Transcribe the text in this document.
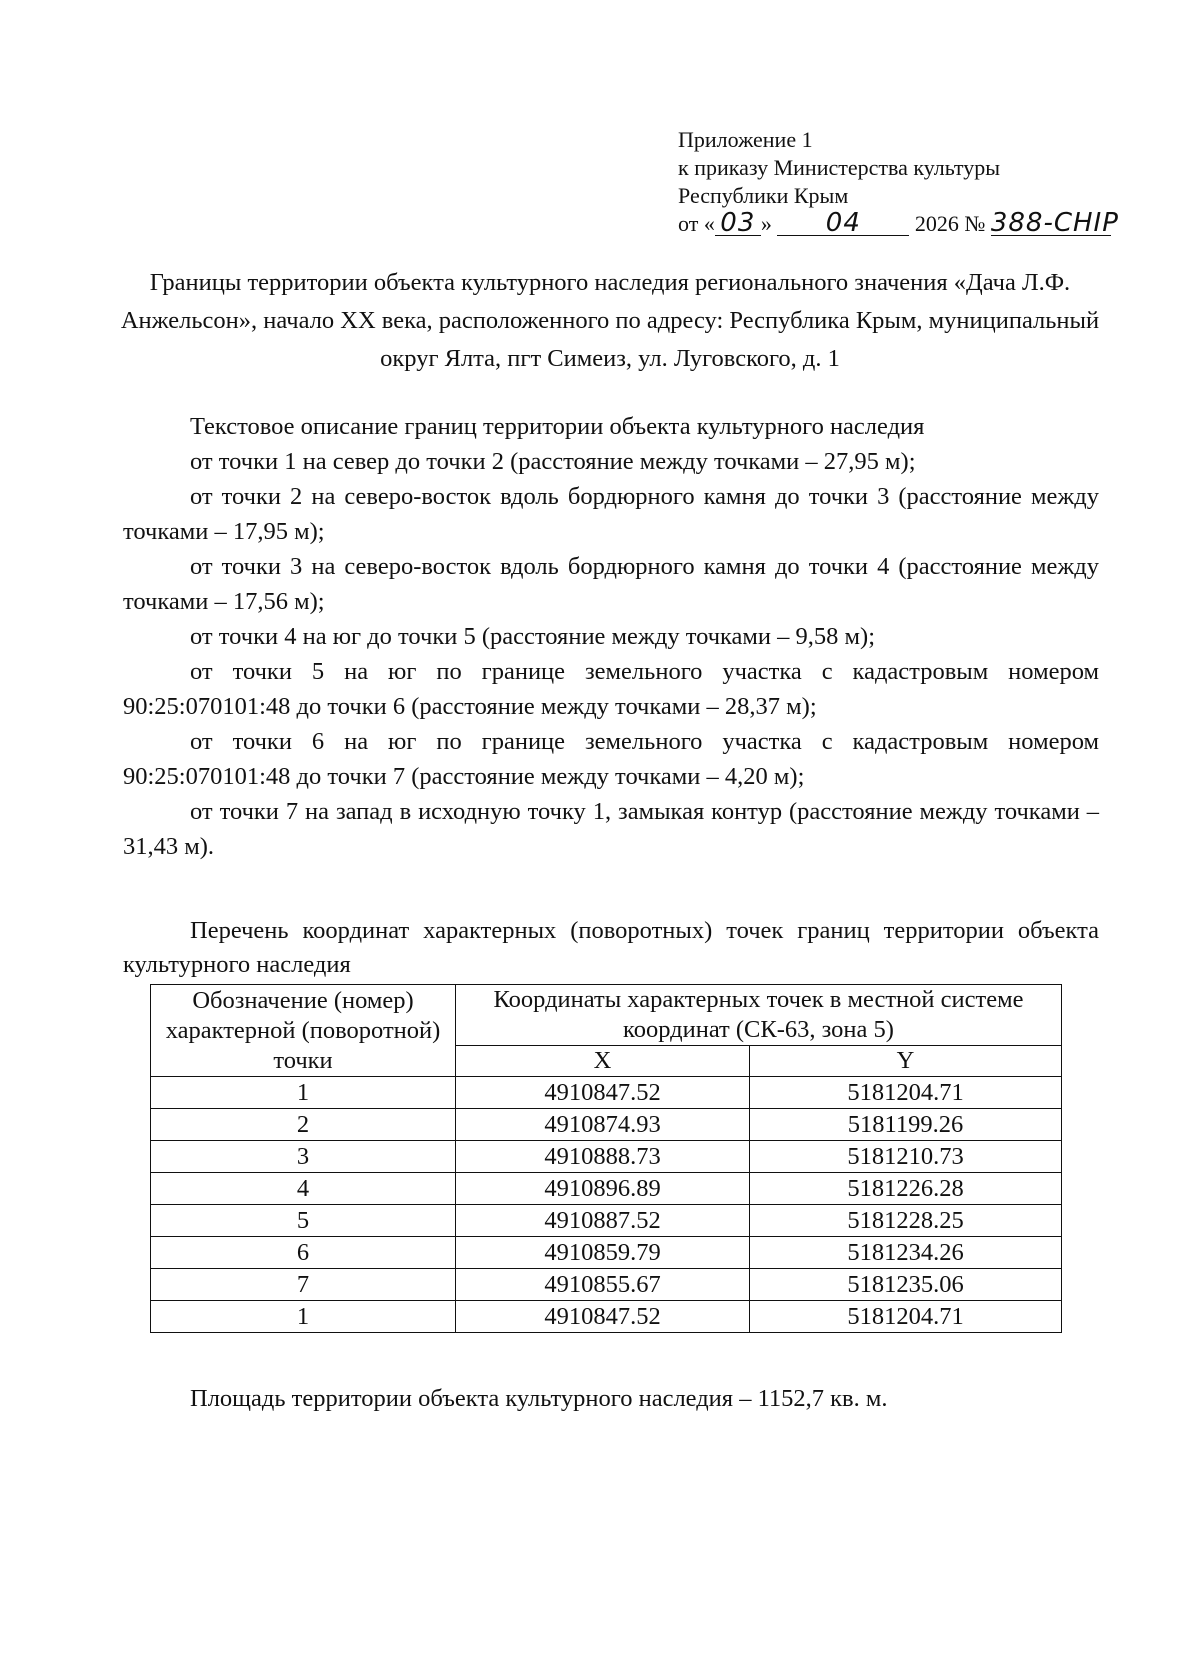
Приложение 1
к приказу Министерства культуры
Республики Крым
от « 03 » 04 2026 № 388-CHIP
Границы территории объекта культурного наследия регионального значения «Дача Л.Ф. Анжельсон», начало XX века, расположенного по адресу: Республика Крым, муниципальный округ Ялта, пгт Симеиз, ул. Луговского, д. 1

Текстовое описание границ территории объекта культурного наследия

от точки 1 на север до точки 2 (расстояние между точками – 27,95 м);

от точки 2 на северо-восток вдоль бордюрного камня до точки 3 (расстояние между точками – 17,95 м);

от точки 3 на северо-восток вдоль бордюрного камня до точки 4 (расстояние между точками – 17,56 м);

от точки 4 на юг до точки 5 (расстояние между точками – 9,58 м);

от точки 5 на юг по границе земельного участка с кадастровым номером 90:25:070101:48 до точки 6 (расстояние между точками – 28,37 м);

от точки 6 на юг по границе земельного участка с кадастровым номером 90:25:070101:48 до точки 7 (расстояние между точками – 4,20 м);

от точки 7 на запад в исходную точку 1, замыкая контур (расстояние между точками – 31,43 м).

Перечень координат характерных (поворотных) точек границ территории объекта культурного наследия
Обозначение (номер) характерной (поворотной) точки	Координаты характерных точек в местной системе координат (СК-63, зона 5)	
	X	Y
1	4910847.52	5181204.71
2	4910874.93	5181199.26
3	4910888.73	5181210.73
4	4910896.89	5181226.28
5	4910887.52	5181228.25
6	4910859.79	5181234.26
7	4910855.67	5181235.06
1	4910847.52	5181204.71
Площадь территории объекта культурного наследия – 1152,7 кв. м.
